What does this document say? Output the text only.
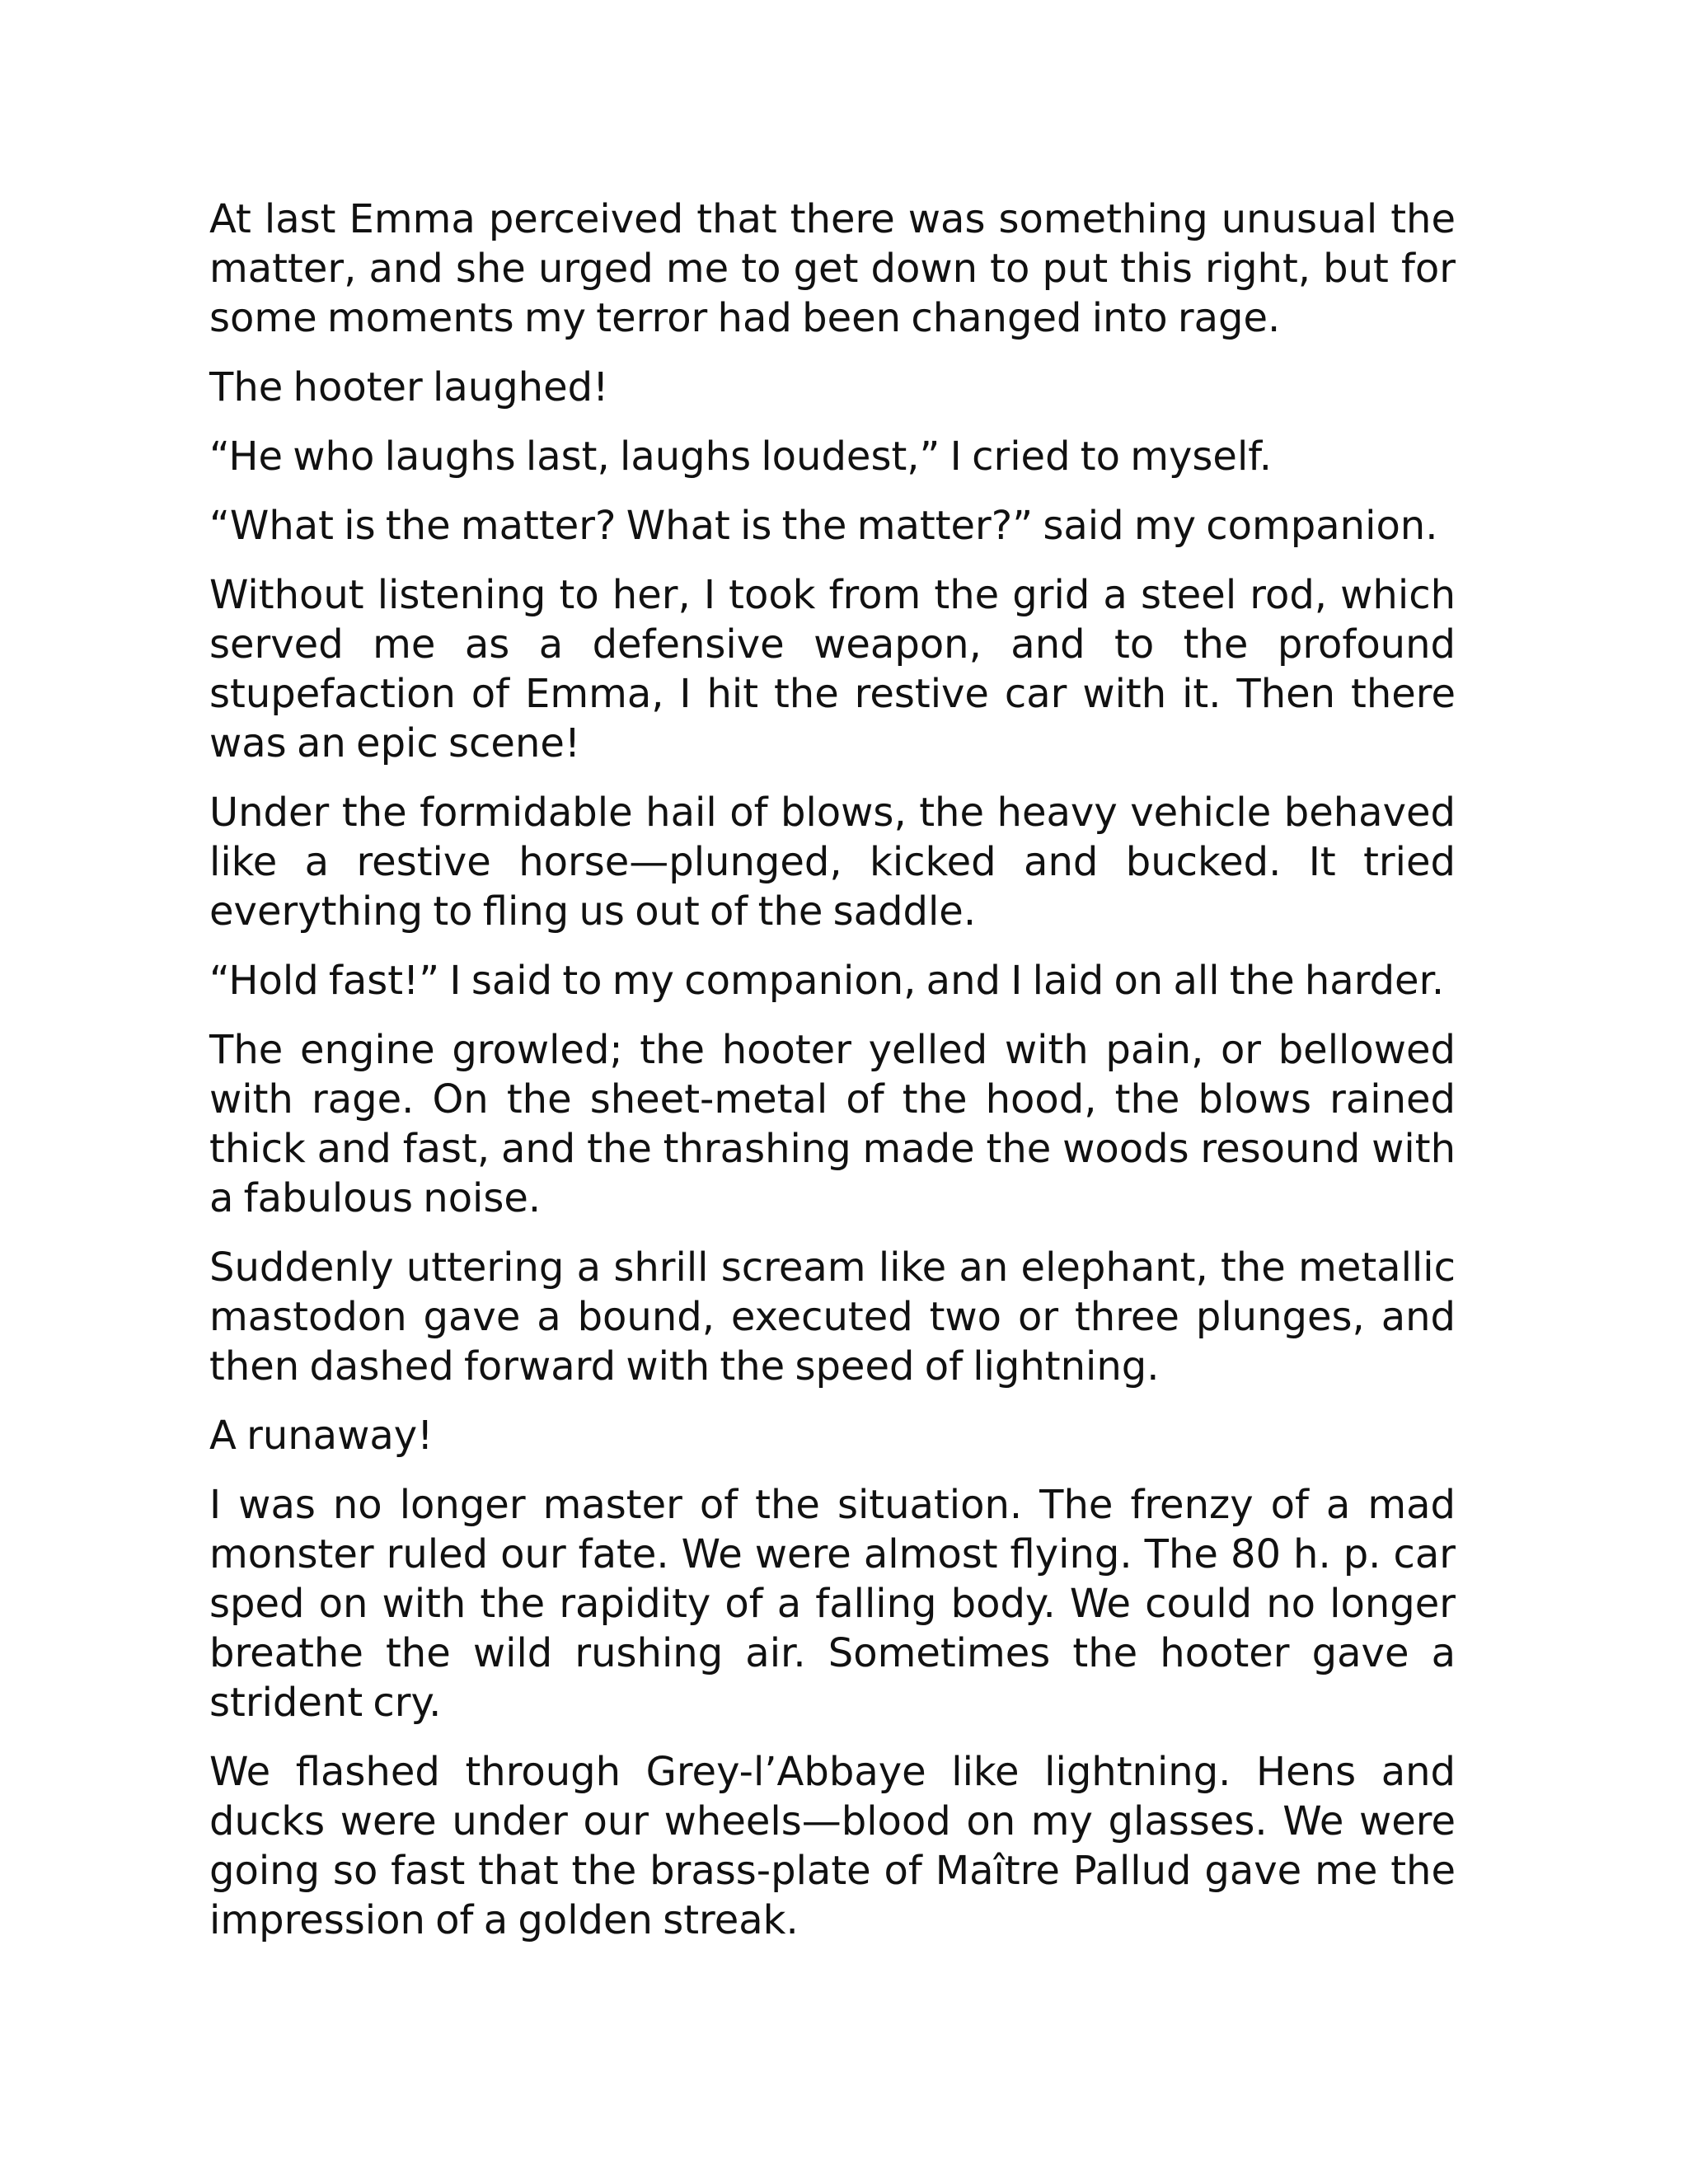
At last Emma perceived that there was something unusual the matter, and she urged me to get down to put this right, but for some moments my terror had been changed into rage.

The hooter laughed!

“He who laughs last, laughs loudest,” I cried to myself.

“What is the matter? What is the matter?” said my companion.

Without listening to her, I took from the grid a steel rod, which served me as a defensive weapon, and to the profound stupefaction of Emma, I hit the restive car with it. Then there was an epic scene!

Under the formidable hail of blows, the heavy vehicle behaved like a restive horse—plunged, kicked and bucked. It tried everything to fling us out of the saddle.

“Hold fast!” I said to my companion, and I laid on all the harder.

The engine growled; the hooter yelled with pain, or bellowed with rage. On the sheet-metal of the hood, the blows rained thick and fast, and the thrashing made the woods resound with a fabulous noise.

Suddenly uttering a shrill scream like an elephant, the metallic mastodon gave a bound, executed two or three plunges, and then dashed forward with the speed of lightning.

A runaway!

I was no longer master of the situation. The frenzy of a mad monster ruled our fate. We were almost flying. The 80 h. p. car sped on with the rapidity of a falling body. We could no longer breathe the wild rushing air. Sometimes the hooter gave a strident cry.

We flashed through Grey-l’Abbaye like lightning. Hens and ducks were under our wheels—blood on my glasses. We were going so fast that the brass-plate of Maître Pallud gave me the impression of a golden streak.
